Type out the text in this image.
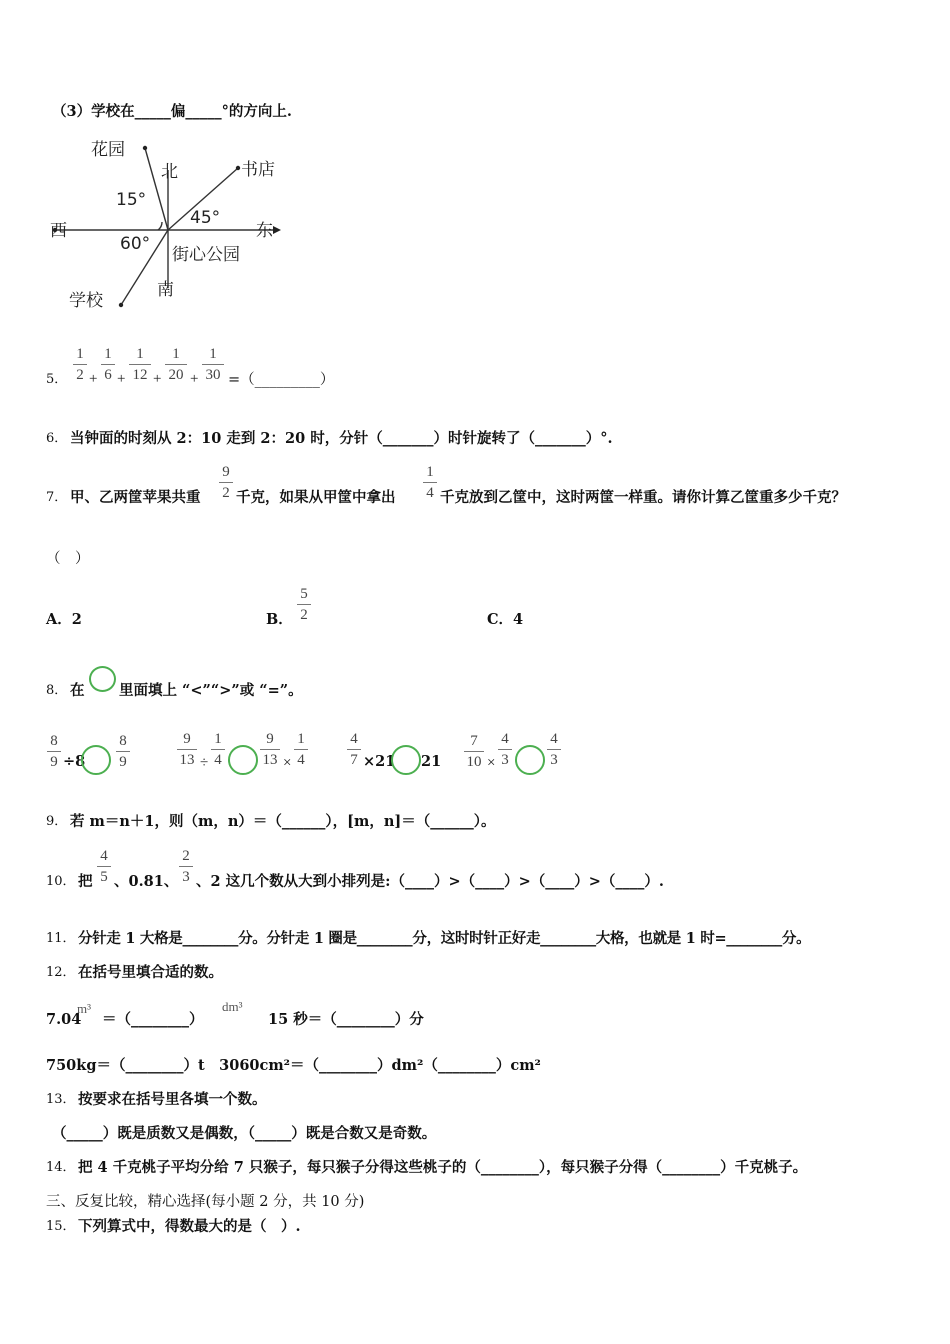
（3）学校在_____偏_____°的方向上.
花园
北	书店
15°
45°
西	东
60°
街心公园
南
学校
5．
1
2 +
1
6 +
1
12 +
1
20 +
1
30 =（_________）
6． 当钟面的时刻从 2：10 走到 2：20 时，分针（_______）时针旋转了（_______）°.
7． 甲、乙两筐苹果共重
9
2 千克，如果从甲筐中拿出
1
4 千克放到乙筐中，这时两筐一样重。请你计算乙筐重多少千克？
（　）
A．2	B．
5
2	C．4
8． 在 里面填上 “<”“>”或 “=”。
8
9 ÷8
8
9
9
13 ÷
1
4
9
13 ×
1
4
4
7 ×21 21
7
10 ×
4
3
4
3
9． 若 m＝n＋1，则（m，n）＝（______），[m，n]＝（______）。
10． 把
4
5 、0.81、
2
3 、2 这几个数从大到小排列是:（____）>（____）>（____）>（____）.
11． 分针走 1 大格是________分。分针走 1 圈是________分，这时时针正好走________大格，也就是 1 时=________分。
12． 在括号里填合适的数。
7.04
m³
＝（________）
dm³
15 秒＝（________）分
750kg＝（________）t　3060cm²＝（________）dm²（________）cm²
13． 按要求在括号里各填一个数。
（_____）既是质数又是偶数，（_____）既是合数又是奇数。
14． 把 4 千克桃子平均分给 7 只猴子，每只猴子分得这些桃子的（________），每只猴子分得（________）千克桃子。
三、反复比较，精心选择(每小题 2 分，共 10 分)
15． 下列算式中，得数最大的是（　）.
